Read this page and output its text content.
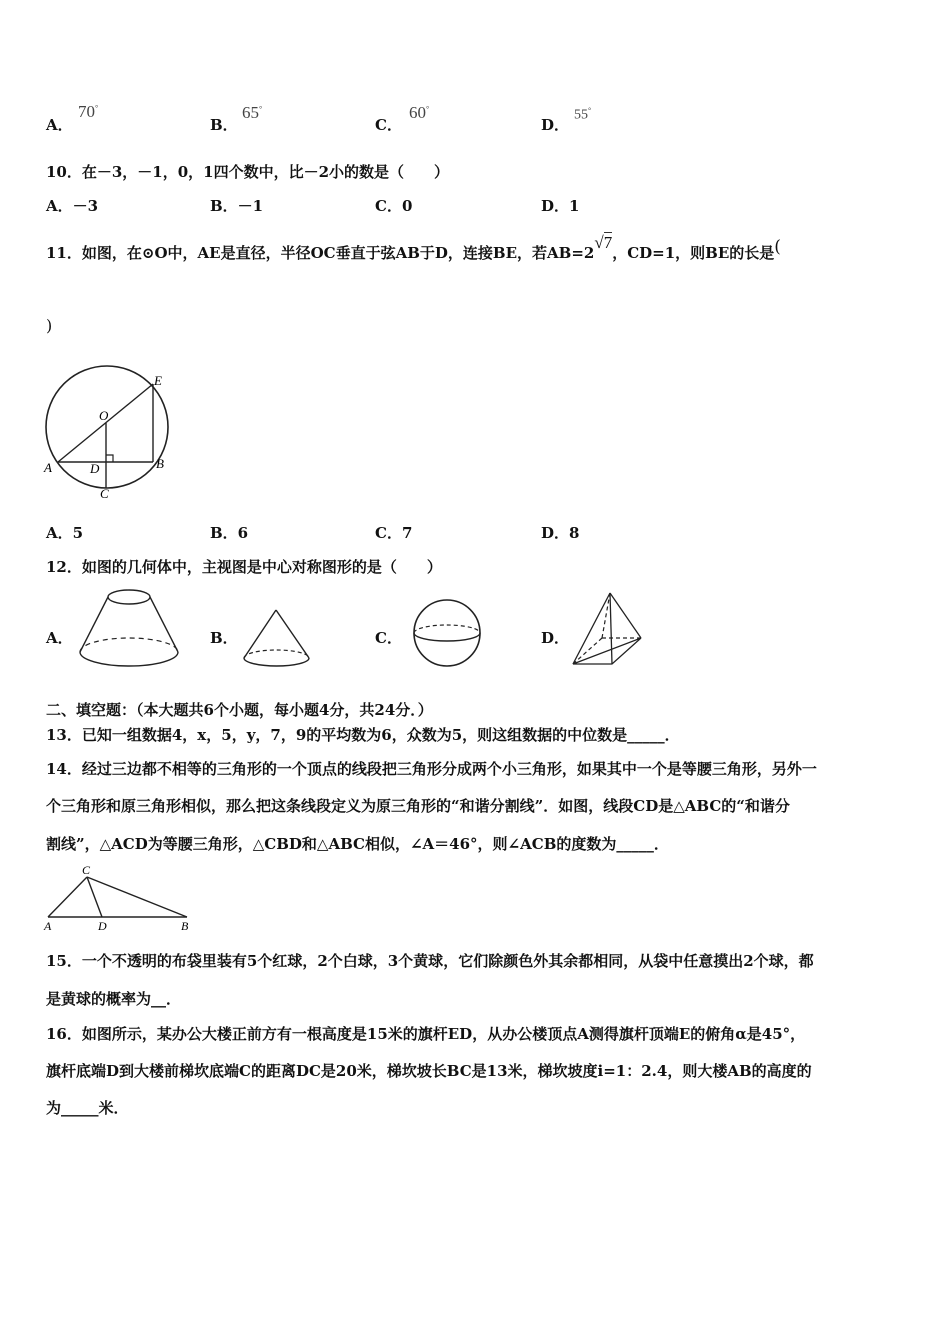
A．
70°
B．
65°
C．
60°
D．
55°
10．在－3，－1，0，1四个数中，比－2小的数是（　　）
A．－3	B．－1	C．0	D．1
11．如图，在⊙O中，AE是直径，半径OC垂直于弦AB于D，连接BE，若AB=2√7，CD=1，则BE的长是(
)
E
O
A	D	B
C
A．5	B．6	C．7	D．8
12．如图的几何体中，主视图是中心对称图形的是（　　）
A．	B．	C．	D．
二、填空题：（本大题共6个小题，每小题4分，共24分．）
13．已知一组数据4，x，5，y，7，9的平均数为6，众数为5，则这组数据的中位数是_____．
14．经过三边都不相等的三角形的一个顶点的线段把三角形分成两个小三角形，如果其中一个是等腰三角形，另外一
个三角形和原三角形相似，那么把这条线段定义为原三角形的“和谐分割线”．如图，线段CD是△ABC的“和谐分
割线”，△ACD为等腰三角形，△CBD和△ABC相似，∠A＝46°，则∠ACB的度数为_____．
C
A	D	B
15．一个不透明的布袋里装有5个红球，2个白球，3个黄球，它们除颜色外其余都相同，从袋中任意摸出2个球，都
是黄球的概率为__．
16．如图所示，某办公大楼正前方有一根高度是15米的旗杆ED，从办公楼顶点A测得旗杆顶端E的俯角α是45°，
旗杆底端D到大楼前梯坎底端C的距离DC是20米，梯坎坡长BC是13米，梯坎坡度i=1：2.4，则大楼AB的高度的
为_____米．
